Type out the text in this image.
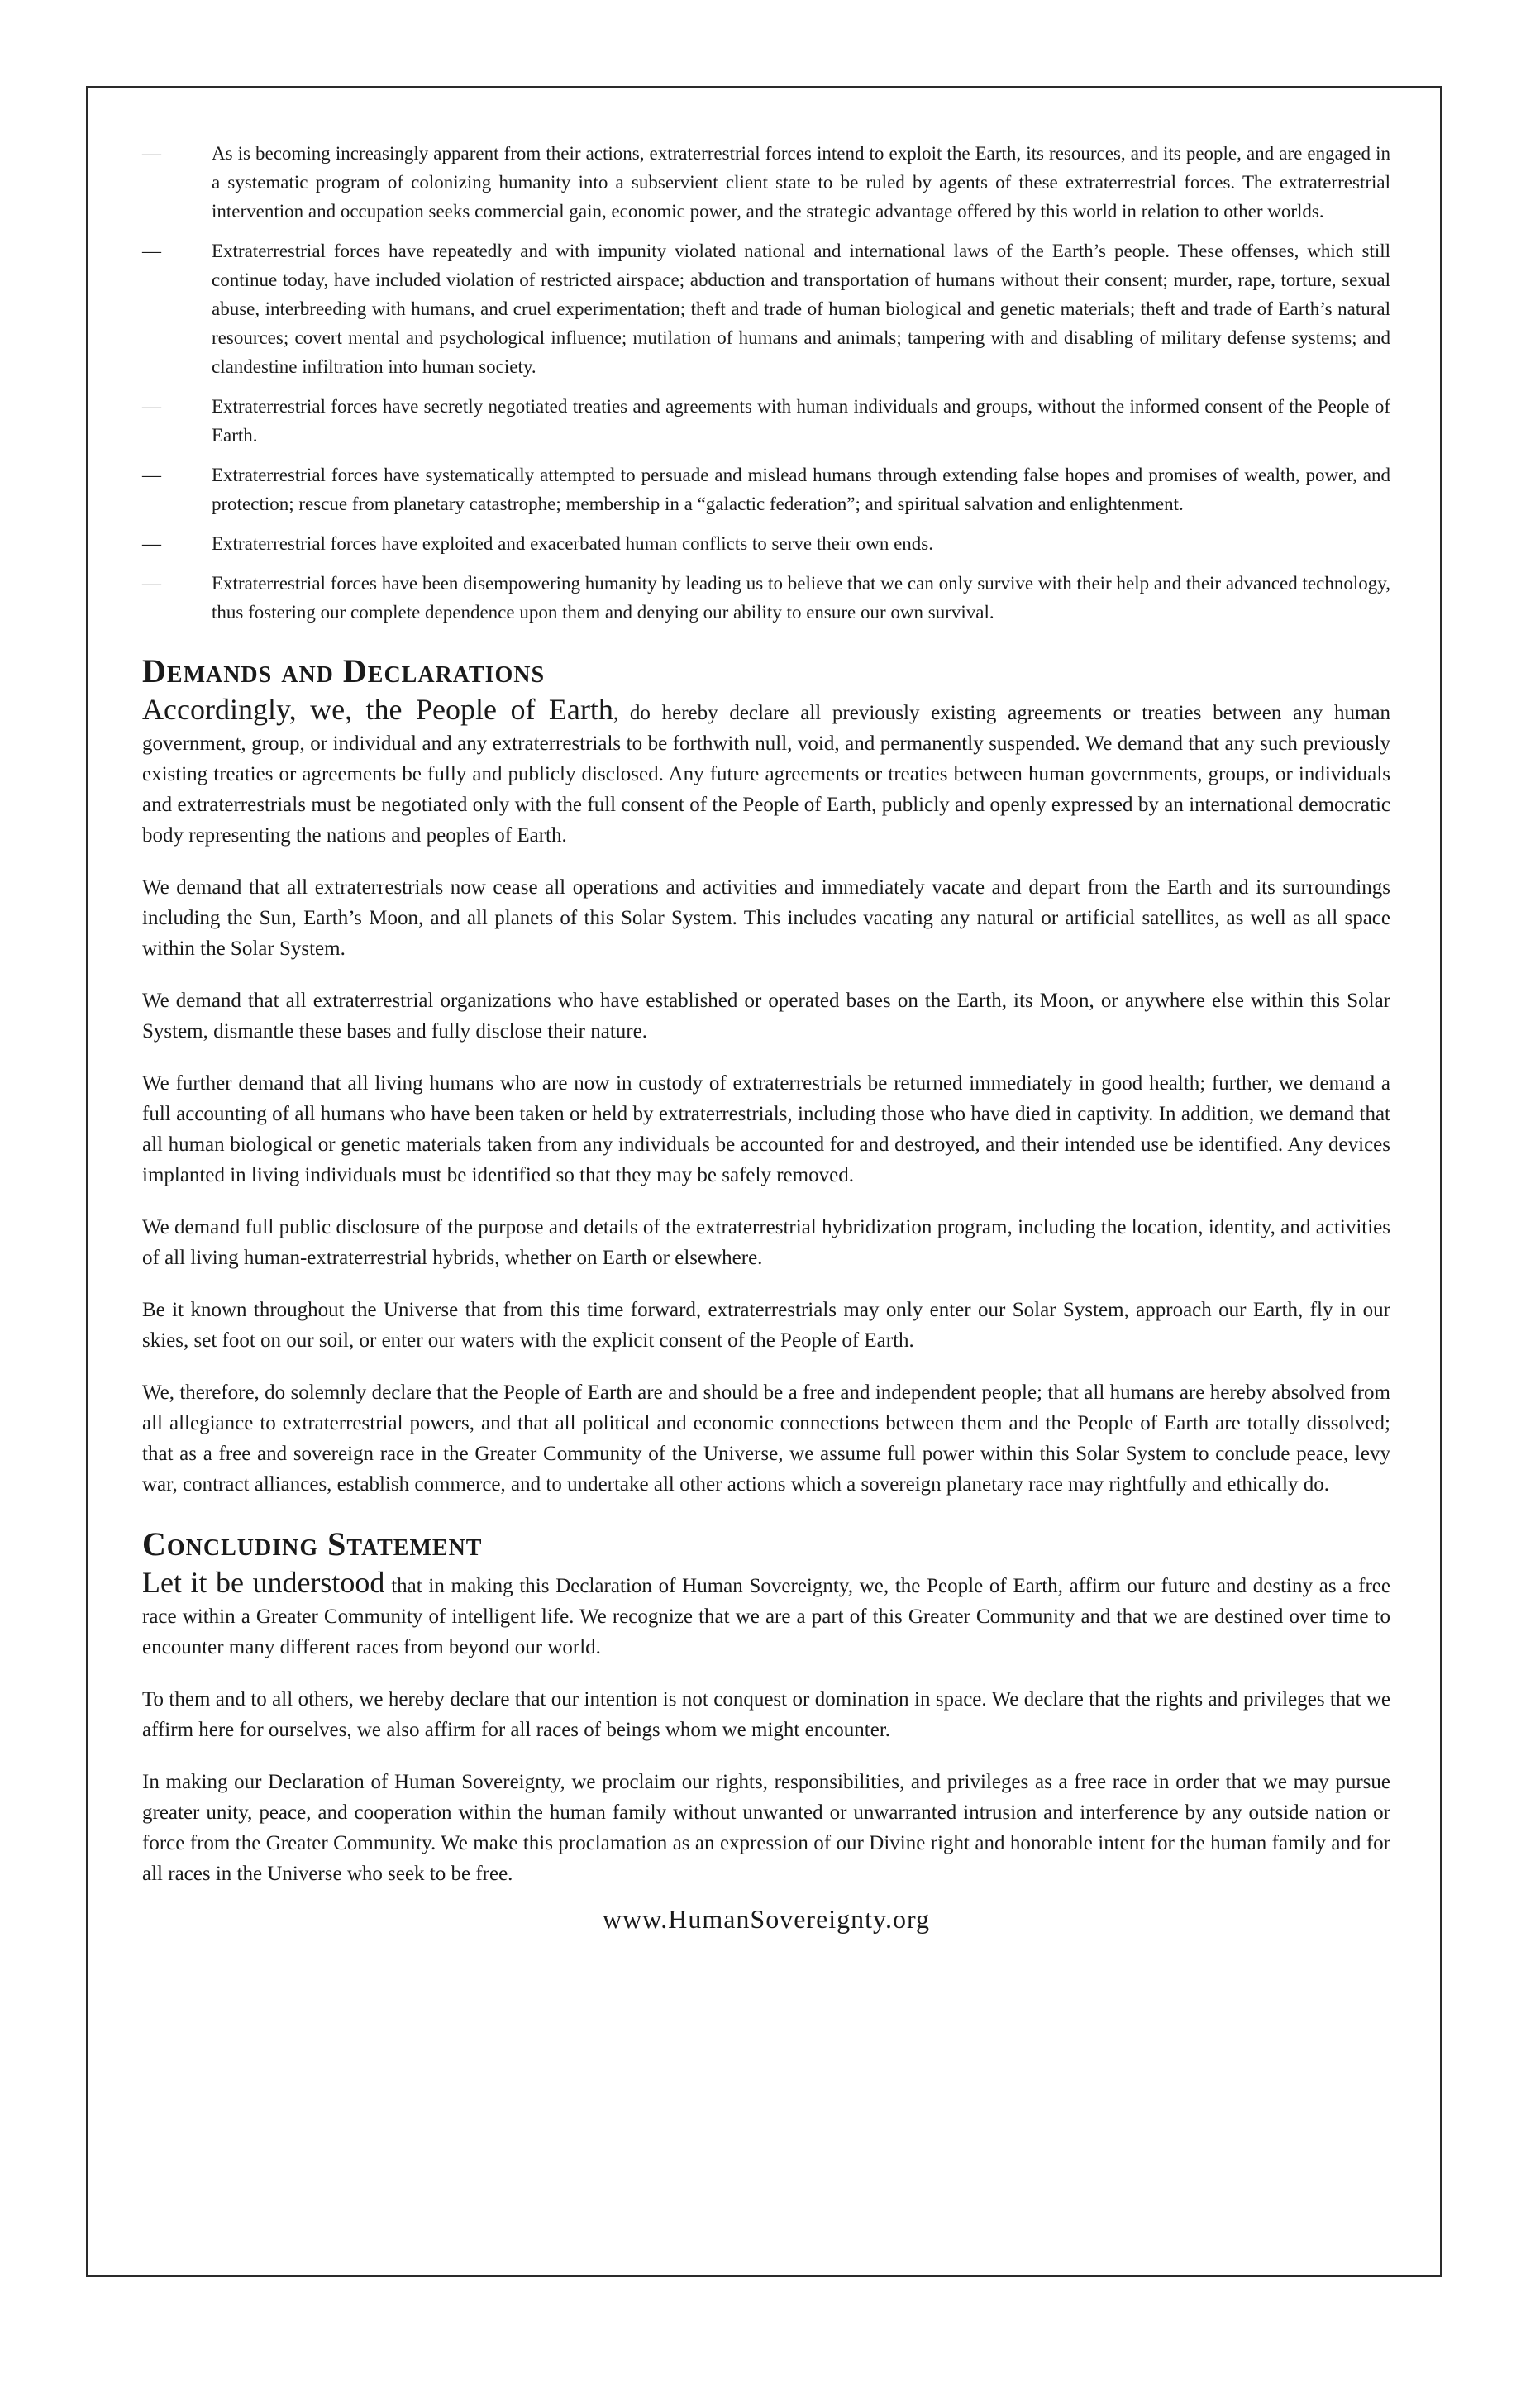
—	As is becoming increasingly apparent from their actions, extraterrestrial forces intend to exploit the Earth, its resources, and its people, and are engaged in a systematic program of colonizing humanity into a subservient client state to be ruled by agents of these extraterrestrial forces. The extraterrestrial intervention and occupation seeks commercial gain, economic power, and the strategic advantage offered by this world in relation to other worlds.
—	Extraterrestrial forces have repeatedly and with impunity violated national and international laws of the Earth’s people. These offenses, which still continue today, have included violation of restricted airspace; abduction and transportation of humans without their consent; murder, rape, torture, sexual abuse, interbreeding with humans, and cruel experimentation; theft and trade of human biological and genetic materials; theft and trade of Earth’s natural resources; covert mental and psychological influence; mutilation of humans and animals; tampering with and disabling of military defense systems; and clandestine infiltration into human society.
—	Extraterrestrial forces have secretly negotiated treaties and agreements with human individuals and groups, without the informed consent of the People of Earth.
—	Extraterrestrial forces have systematically attempted to persuade and mislead humans through extending false hopes and promises of wealth, power, and protection; rescue from planetary catastrophe; membership in a “galactic federation”; and spiritual salvation and enlightenment.
—	Extraterrestrial forces have exploited and exacerbated human conflicts to serve their own ends.
—	Extraterrestrial forces have been disempowering humanity by leading us to believe that we can only survive with their help and their advanced technology, thus fostering our complete dependence upon them and denying our ability to ensure our own survival.
Demands and Declarations

Accordingly, we, the People of Earth, do hereby declare all previously existing agreements or treaties between any human government, group, or individual and any extraterrestrials to be forthwith null, void, and permanently suspended. We demand that any such previously existing treaties or agreements be fully and publicly disclosed. Any future agreements or treaties between human governments, groups, or individuals and extraterrestrials must be negotiated only with the full consent of the People of Earth, publicly and openly expressed by an international democratic body representing the nations and peoples of Earth.

We demand that all extraterrestrials now cease all operations and activities and immediately vacate and depart from the Earth and its surroundings including the Sun, Earth’s Moon, and all planets of this Solar System. This includes vacating any natural or artificial satellites, as well as all space within the Solar System.

We demand that all extraterrestrial organizations who have established or operated bases on the Earth, its Moon, or anywhere else within this Solar System, dismantle these bases and fully disclose their nature.

We further demand that all living humans who are now in custody of extraterrestrials be returned immediately in good health; further, we demand a full accounting of all humans who have been taken or held by extraterrestrials, including those who have died in captivity. In addition, we demand that all human biological or genetic materials taken from any individuals be accounted for and destroyed, and their intended use be identified. Any devices implanted in living individuals must be identified so that they may be safely removed.

We demand full public disclosure of the purpose and details of the extraterrestrial hybridization program, including the location, identity, and activities of all living human-extraterrestrial hybrids, whether on Earth or elsewhere.

Be it known throughout the Universe that from this time forward, extraterrestrials may only enter our Solar System, approach our Earth, fly in our skies, set foot on our soil, or enter our waters with the explicit consent of the People of Earth.

We, therefore, do solemnly declare that the People of Earth are and should be a free and independent people; that all humans are hereby absolved from all allegiance to extraterrestrial powers, and that all political and economic connections between them and the People of Earth are totally dissolved; that as a free and sovereign race in the Greater Community of the Universe, we assume full power within this Solar System to conclude peace, levy war, contract alliances, establish commerce, and to undertake all other actions which a sovereign planetary race may rightfully and ethically do.

Concluding Statement

Let it be understood that in making this Declaration of Human Sovereignty, we, the People of Earth, affirm our future and destiny as a free race within a Greater Community of intelligent life. We recognize that we are a part of this Greater Community and that we are destined over time to encounter many different races from beyond our world.

To them and to all others, we hereby declare that our intention is not conquest or domination in space. We declare that the rights and privileges that we affirm here for ourselves, we also affirm for all races of beings whom we might encounter.

In making our Declaration of Human Sovereignty, we proclaim our rights, responsibilities, and privileges as a free race in order that we may pursue greater unity, peace, and cooperation within the human family without unwanted or unwarranted intrusion and interference by any outside nation or force from the Greater Community. We make this proclamation as an expression of our Divine right and honorable intent for the human family and for all races in the Universe who seek to be free.

www.HumanSovereignty.org
